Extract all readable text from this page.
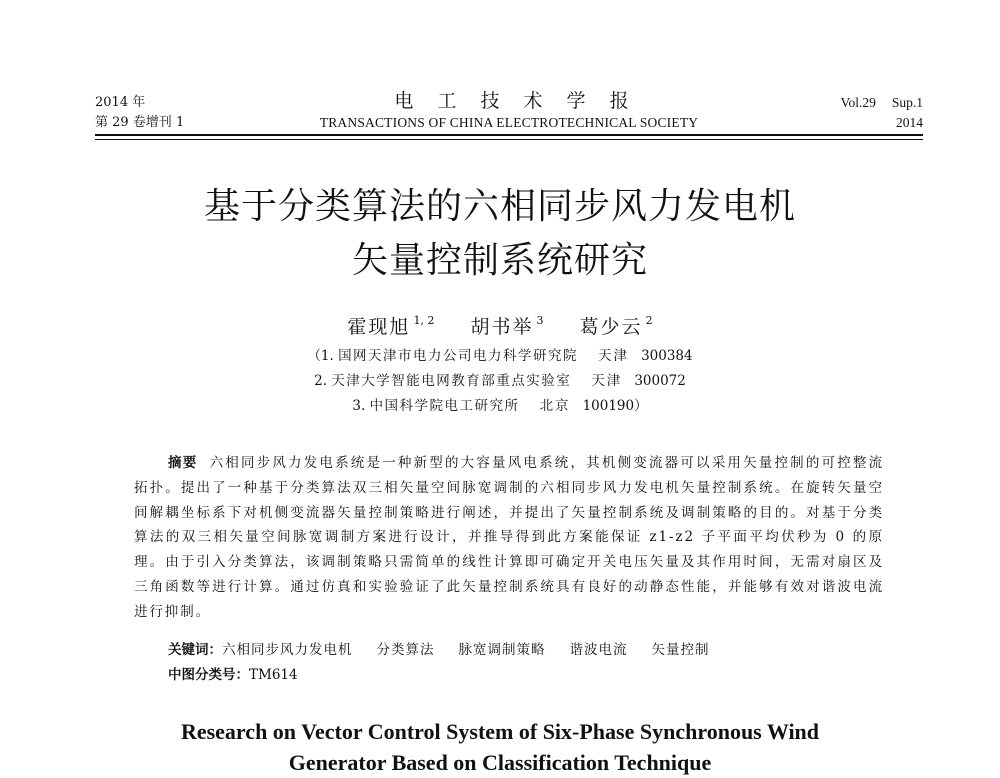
2014 年
第 29 卷增刊 1
电 工 技 术 学 报
TRANSACTIONS OF CHINA ELECTROTECHNICAL SOCIETY
Vol.29 Sup.1
2014
基于分类算法的六相同步风力发电机
矢量控制系统研究
霍现旭 $^{1, 2}$ 胡书举 $^3$ 葛少云 $^2$
（1. 国网天津市电力公司电力科学研究院 天津 300384
2. 天津大学智能电网教育部重点实验室 天津 300072
3. 中国科学院电工研究所 北京 100190）
摘要 六相同步风力发电系统是一种新型的大容量风电系统，其机侧变流器可以采用矢量控制的可控整流拓扑。提出了一种基于分类算法双三相矢量空间脉宽调制的六相同步风力发电机矢量控制系统。在旋转矢量空间解耦坐标系下对机侧变流器矢量控制策略进行阐述，并提出了矢量控制系统及调制策略的目的。对基于分类算法的双三相矢量空间脉宽调制方案进行设计，并推导得到此方案能保证 z1-z2 子平面平均伏秒为 0 的原理。由于引入分类算法，该调制策略只需简单的线性计算即可确定开关电压矢量及其作用时间，无需对扇区及三角函数等进行计算。通过仿真和实验验证了此矢量控制系统具有良好的动静态性能，并能够有效对谐波电流进行抑制。
关键词：六相同步风力发电机 分类算法 脉宽调制策略 谐波电流 矢量控制
中图分类号：TM614
Research on Vector Control System of Six-Phase Synchronous Wind
Generator Based on Classification Technique
